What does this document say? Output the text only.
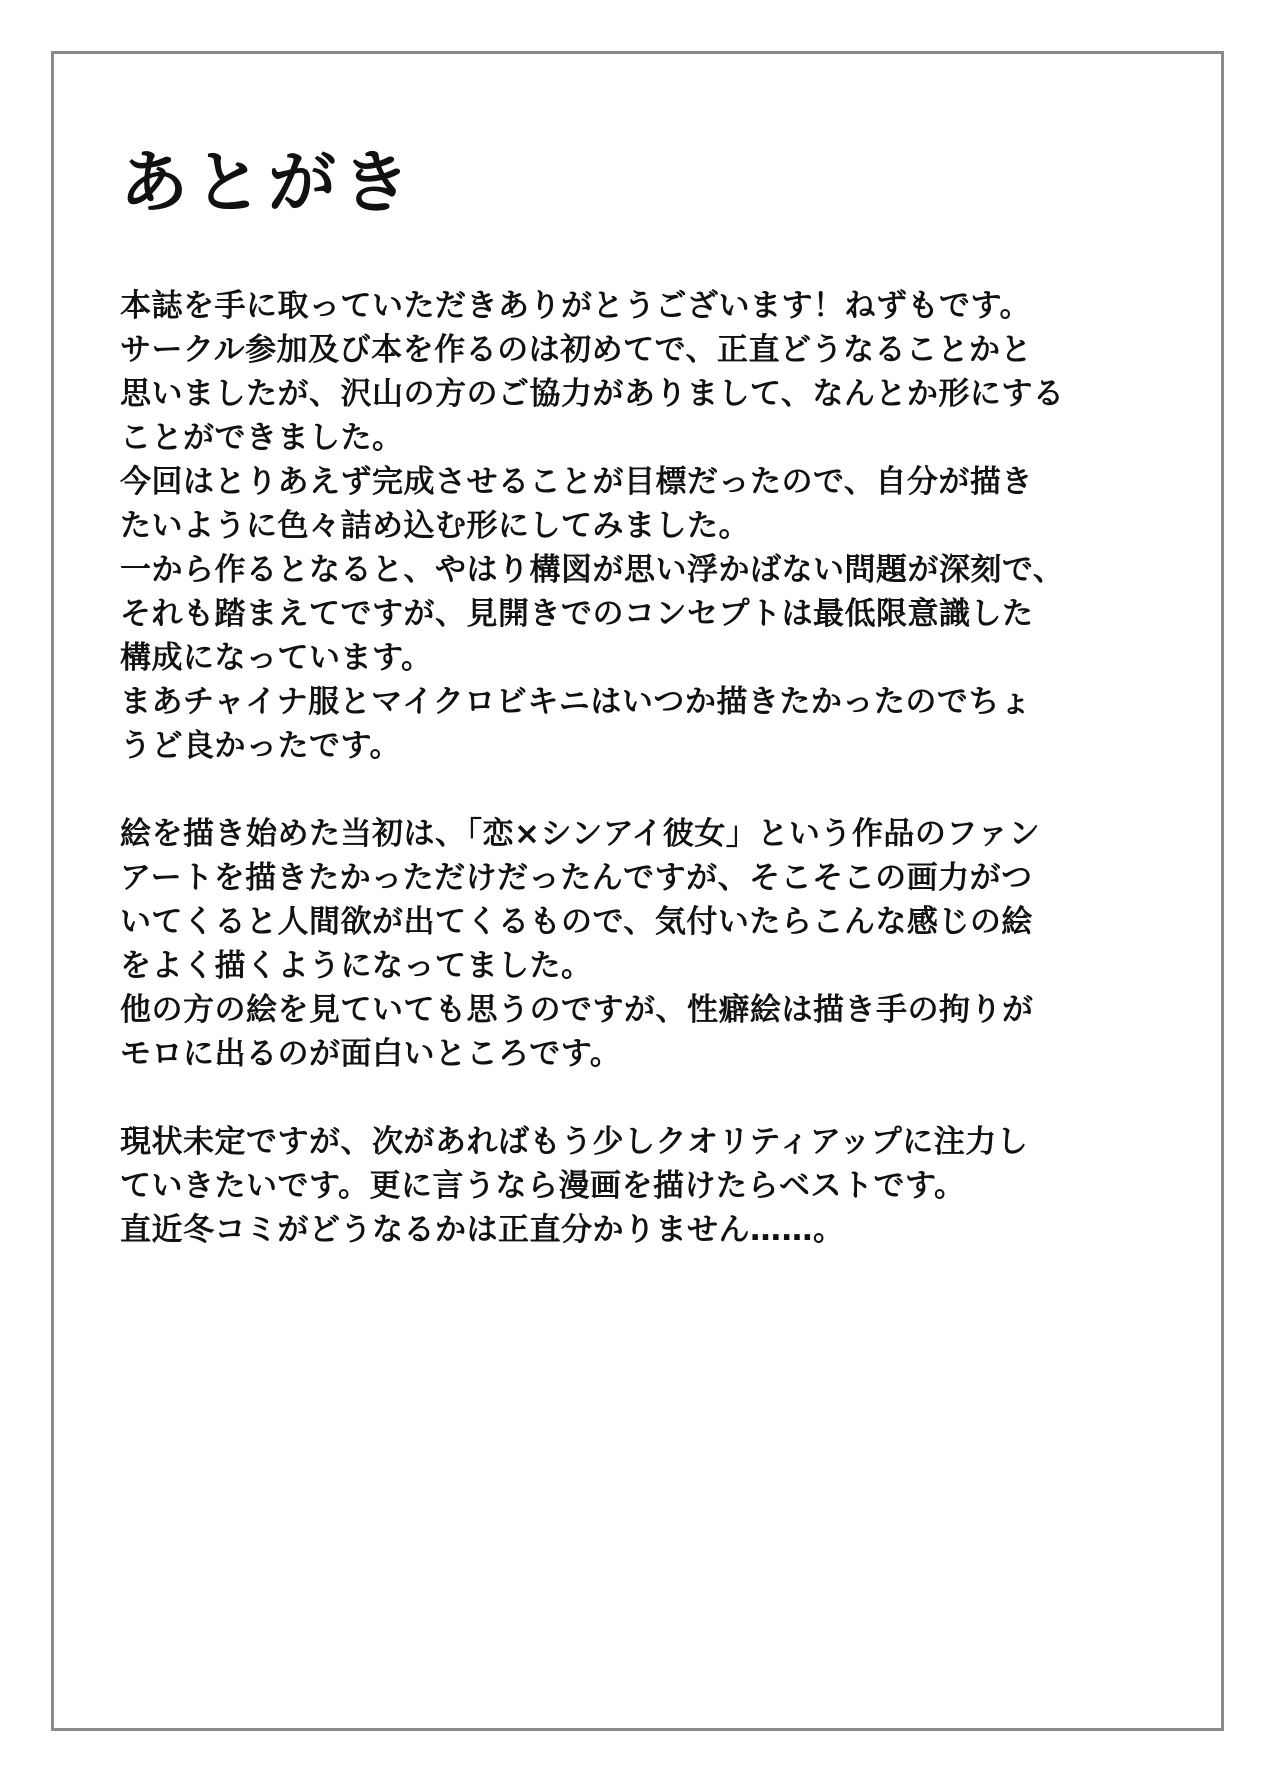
あとがき

本誌を手に取っていただきありがとうございます！ねずもです。

サークル参加及び本を作るのは初めてで、正直どうなることかと

思いましたが、沢山の方のご協力がありまして、なんとか形にする

ことができました。

今回はとりあえず完成させることが目標だったので、自分が描き

たいように色々詰め込む形にしてみました。

一から作るとなると、やはり構図が思い浮かばない問題が深刻で、

それも踏まえてですが、見開きでのコンセプトは最低限意識した

構成になっています。

まあチャイナ服とマイクロビキニはいつか描きたかったのでちょ

うど良かったです。

絵を描き始めた当初は、「恋×シンアイ彼女」という作品のファン

アートを描きたかっただけだったんですが、そこそこの画力がつ

いてくると人間欲が出てくるもので、気付いたらこんな感じの絵

をよく描くようになってました。

他の方の絵を見ていても思うのですが、性癖絵は描き手の拘りが

モロに出るのが面白いところです。

現状未定ですが、次があればもう少しクオリティアップに注力し

ていきたいです。更に言うなら漫画を描けたらベストです。

直近冬コミがどうなるかは正直分かりません……。
